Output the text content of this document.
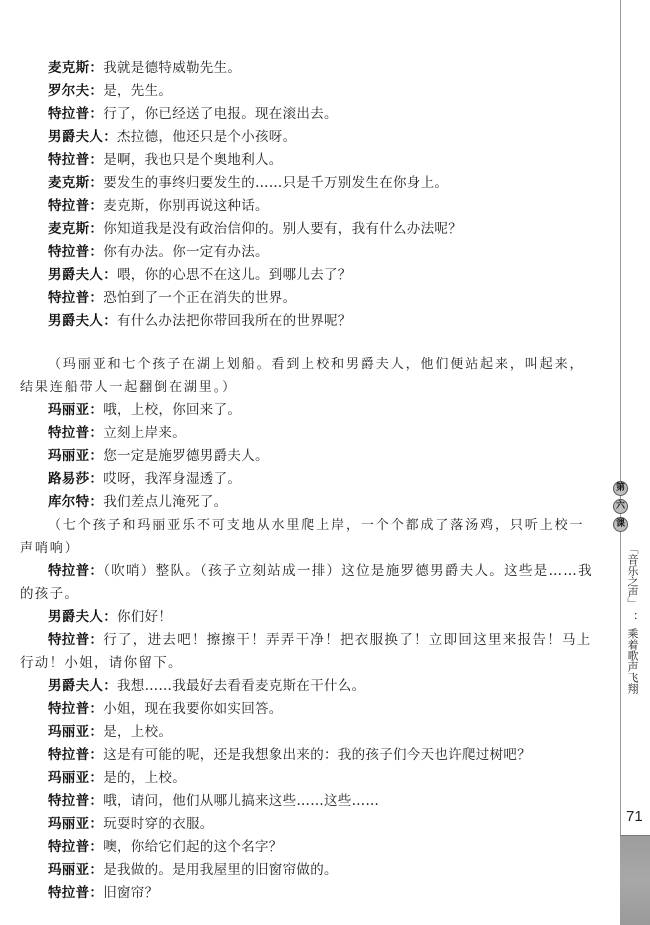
麦克斯：我就是德特威勒先生。
罗尔夫：是，先生。
特拉普：行了，你已经送了电报。现在滚出去。
男爵夫人：杰拉德，他还只是个小孩呀。
特拉普：是啊，我也只是个奥地利人。
麦克斯：要发生的事终归要发生的……只是千万别发生在你身上。
特拉普：麦克斯，你别再说这种话。
麦克斯：你知道我是没有政治信仰的。别人要有，我有什么办法呢？
特拉普：你有办法。你一定有办法。
男爵夫人：喂，你的心思不在这儿。到哪儿去了？
特拉普：恐怕到了一个正在消失的世界。
男爵夫人：有什么办法把你带回我所在的世界呢？
（玛丽亚和七个孩子在湖上划船。看到上校和男爵夫人，他们便站起来，叫起来，结果连船带人一起翻倒在湖里。）
玛丽亚：哦，上校，你回来了。
特拉普：立刻上岸来。
玛丽亚：您一定是施罗德男爵夫人。
路易莎：哎呀，我浑身湿透了。
库尔特：我们差点儿淹死了。
（七个孩子和玛丽亚乐不可支地从水里爬上岸，一个个都成了落汤鸡，只听上校一声哨响）
特拉普：（吹哨）整队。（孩子立刻站成一排）这位是施罗德男爵夫人。这些是……我的孩子。
男爵夫人：你们好！
特拉普：行了，进去吧！擦擦干！弄弄干净！把衣服换了！立即回这里来报告！马上行动！小姐，请你留下。
男爵夫人：我想……我最好去看看麦克斯在干什么。
特拉普：小姐，现在我要你如实回答。
玛丽亚：是，上校。
特拉普：这是有可能的呢，还是我想象出来的：我的孩子们今天也许爬过树吧？
玛丽亚：是的，上校。
特拉普：哦，请问，他们从哪儿搞来这些……这些……
玛丽亚：玩耍时穿的衣服。
特拉普：噢，你给它们起的这个名字？
玛丽亚：是我做的。是用我屋里的旧窗帘做的。
特拉普：旧窗帘？
第
六
课
「音乐之声」
：
乘着歌声飞翔
71
